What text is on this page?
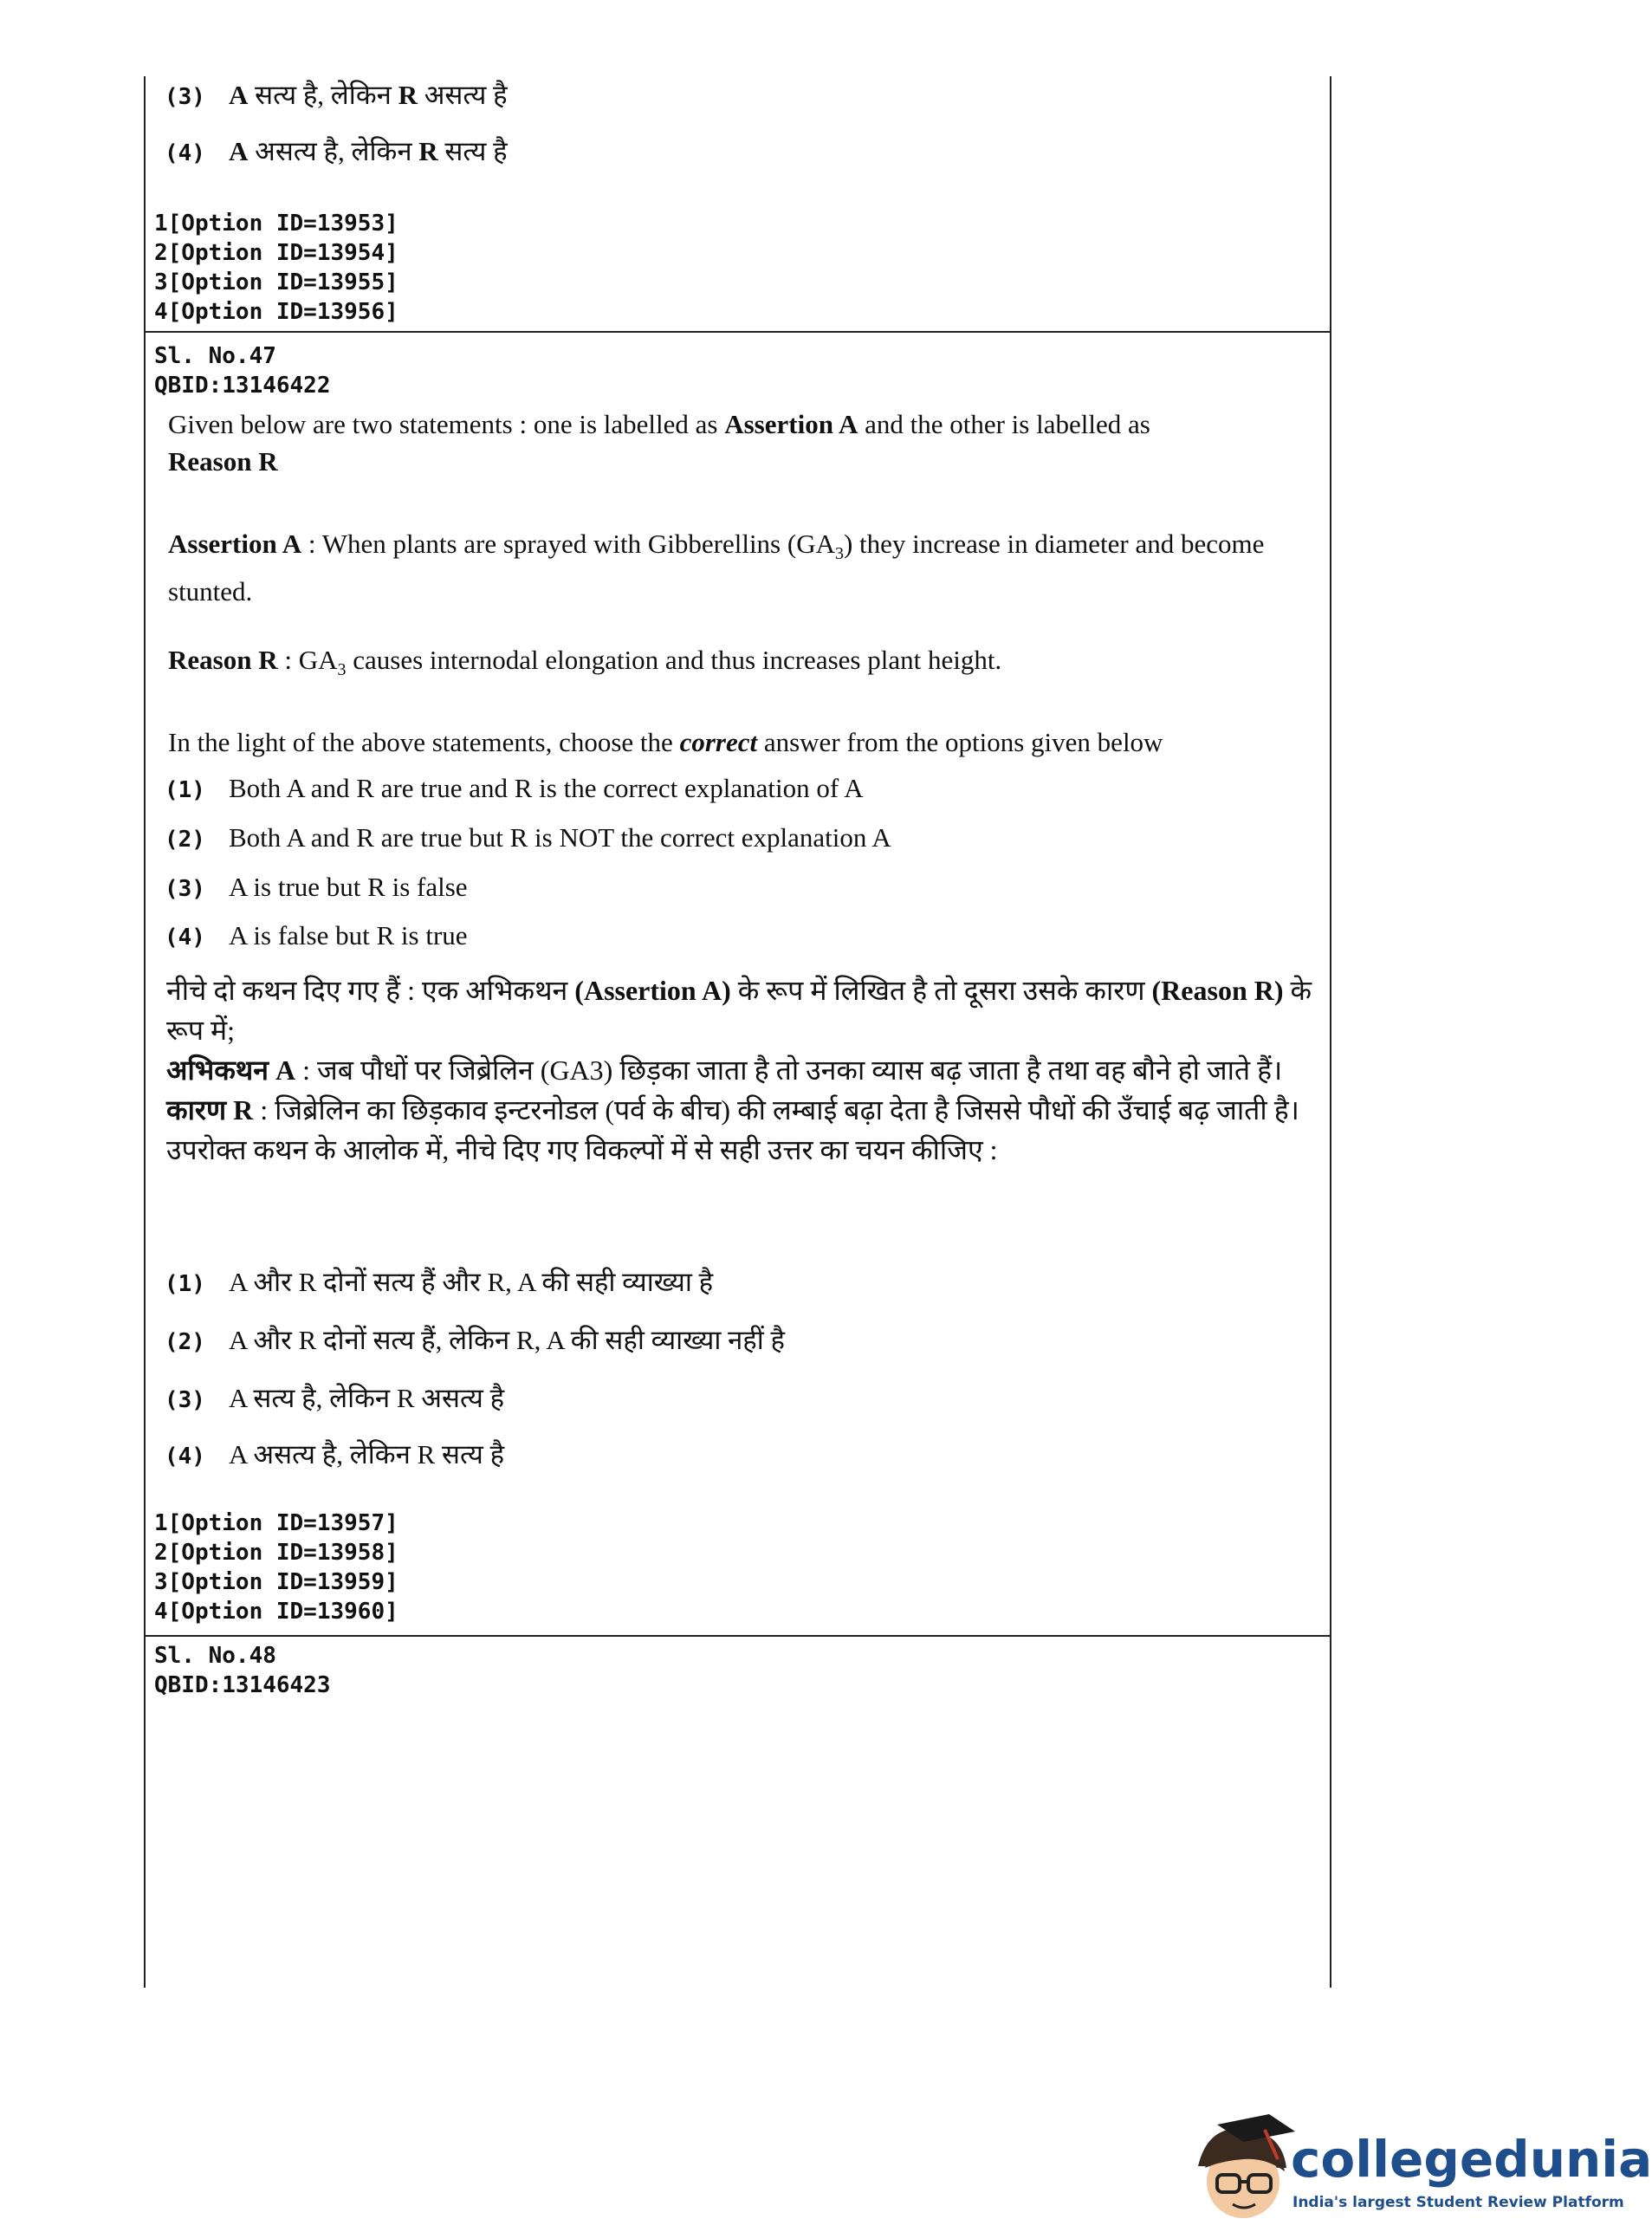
(3) A सत्य है, लेकिन R असत्य है
(4) A असत्य है, लेकिन R सत्य है
1[Option ID=13953]
2[Option ID=13954]
3[Option ID=13955]
4[Option ID=13956]
Sl. No.47
QBID:13146422
Given below are two statements : one is labelled as Assertion A and the other is labelled as
Reason R
Assertion A : When plants are sprayed with Gibberellins $(GA_3)$ they increase in diameter and become stunted.
Reason R : $GA_3$ causes internodal elongation and thus increases plant height.
In the light of the above statements, choose the correct answer from the options given below
(1) Both A and R are true and R is the correct explanation of A
(2) Both A and R are true but R is NOT the correct explanation A
(3) A is true but R is false
(4) A is false but R is true
नीचे दो कथन दिए गए हैं : एक अभिकथन (Assertion A) के रूप में लिखित है तो दूसरा उसके कारण (Reason R) के रूप में;
अभिकथन A : जब पौधों पर जिब्रेलिन (GA3) छिड़का जाता है तो उनका व्यास बढ़ जाता है तथा वह बौने हो जाते हैं।
कारण R : जिब्रेलिन का छिड़काव इन्टरनोडल (पर्व के बीच) की लम्बाई बढ़ा देता है जिससे पौधों की उँचाई बढ़ जाती है।
उपरोक्त कथन के आलोक में, नीचे दिए गए विकल्पों में से सही उत्तर का चयन कीजिए :
(1) A और R दोनों सत्य हैं और R, A की सही व्याख्या है
(2) A और R दोनों सत्य हैं, लेकिन R, A की सही व्याख्या नहीं है
(3) A सत्य है, लेकिन R असत्य है
(4) A असत्य है, लेकिन R सत्य है
1[Option ID=13957]
2[Option ID=13958]
3[Option ID=13959]
4[Option ID=13960]
Sl. No.48
QBID:13146423
collegedunia
India's largest Student Review Platform
